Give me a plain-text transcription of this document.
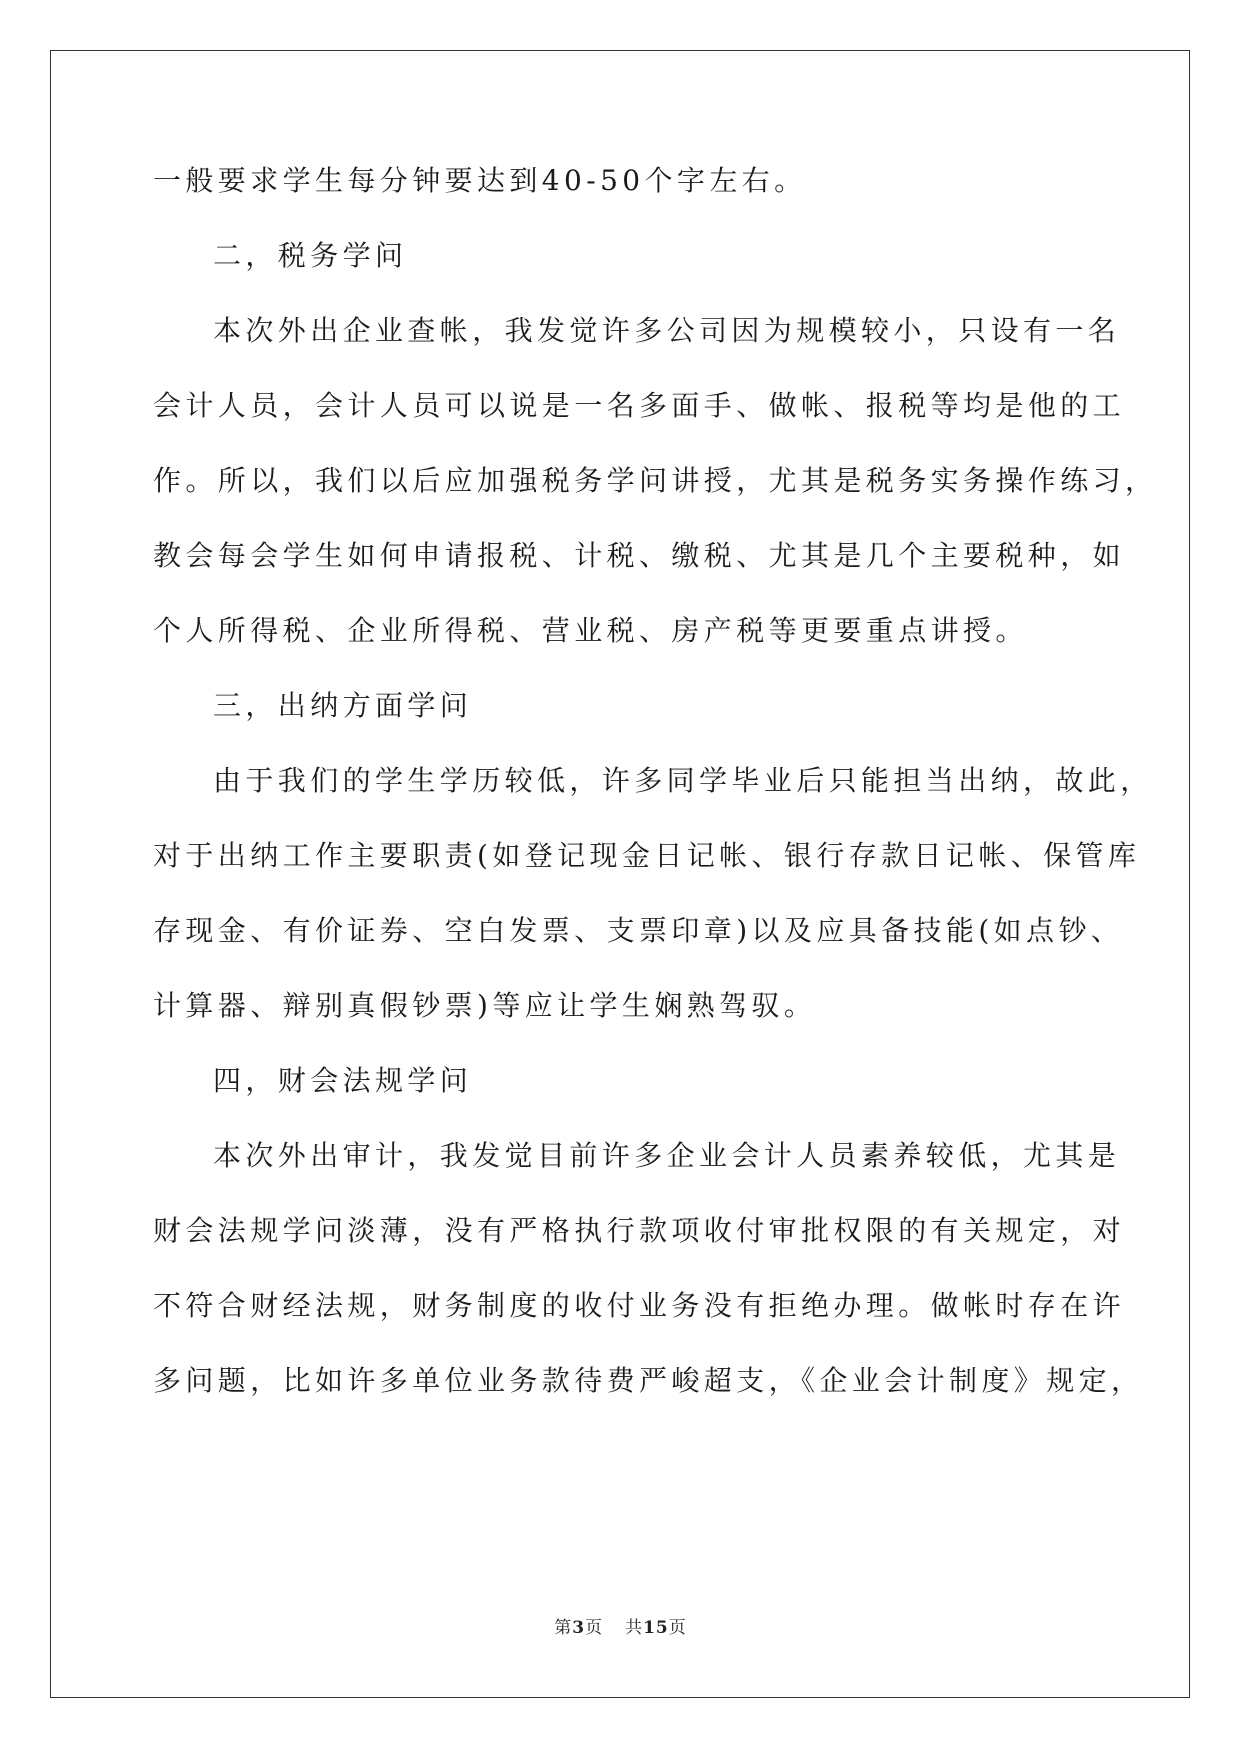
一般要求学生每分钟要达到40-50个字左右。
二，税务学问
本次外出企业查帐，我发觉许多公司因为规模较小，只设有一名
会计人员，会计人员可以说是一名多面手、做帐、报税等均是他的工
作。所以，我们以后应加强税务学问讲授，尤其是税务实务操作练习，
教会每会学生如何申请报税、计税、缴税、尤其是几个主要税种，如
个人所得税、企业所得税、营业税、房产税等更要重点讲授。
三，出纳方面学问
由于我们的学生学历较低，许多同学毕业后只能担当出纳，故此，
对于出纳工作主要职责(如登记现金日记帐、银行存款日记帐、保管库
存现金、有价证券、空白发票、支票印章)以及应具备技能(如点钞、
计算器、辩别真假钞票)等应让学生娴熟驾驭。
四，财会法规学问
本次外出审计，我发觉目前许多企业会计人员素养较低，尤其是
财会法规学问淡薄，没有严格执行款项收付审批权限的有关规定，对
不符合财经法规，财务制度的收付业务没有拒绝办理。做帐时存在许
多问题，比如许多单位业务款待费严峻超支，《企业会计制度》规定，
第3页 共15页
